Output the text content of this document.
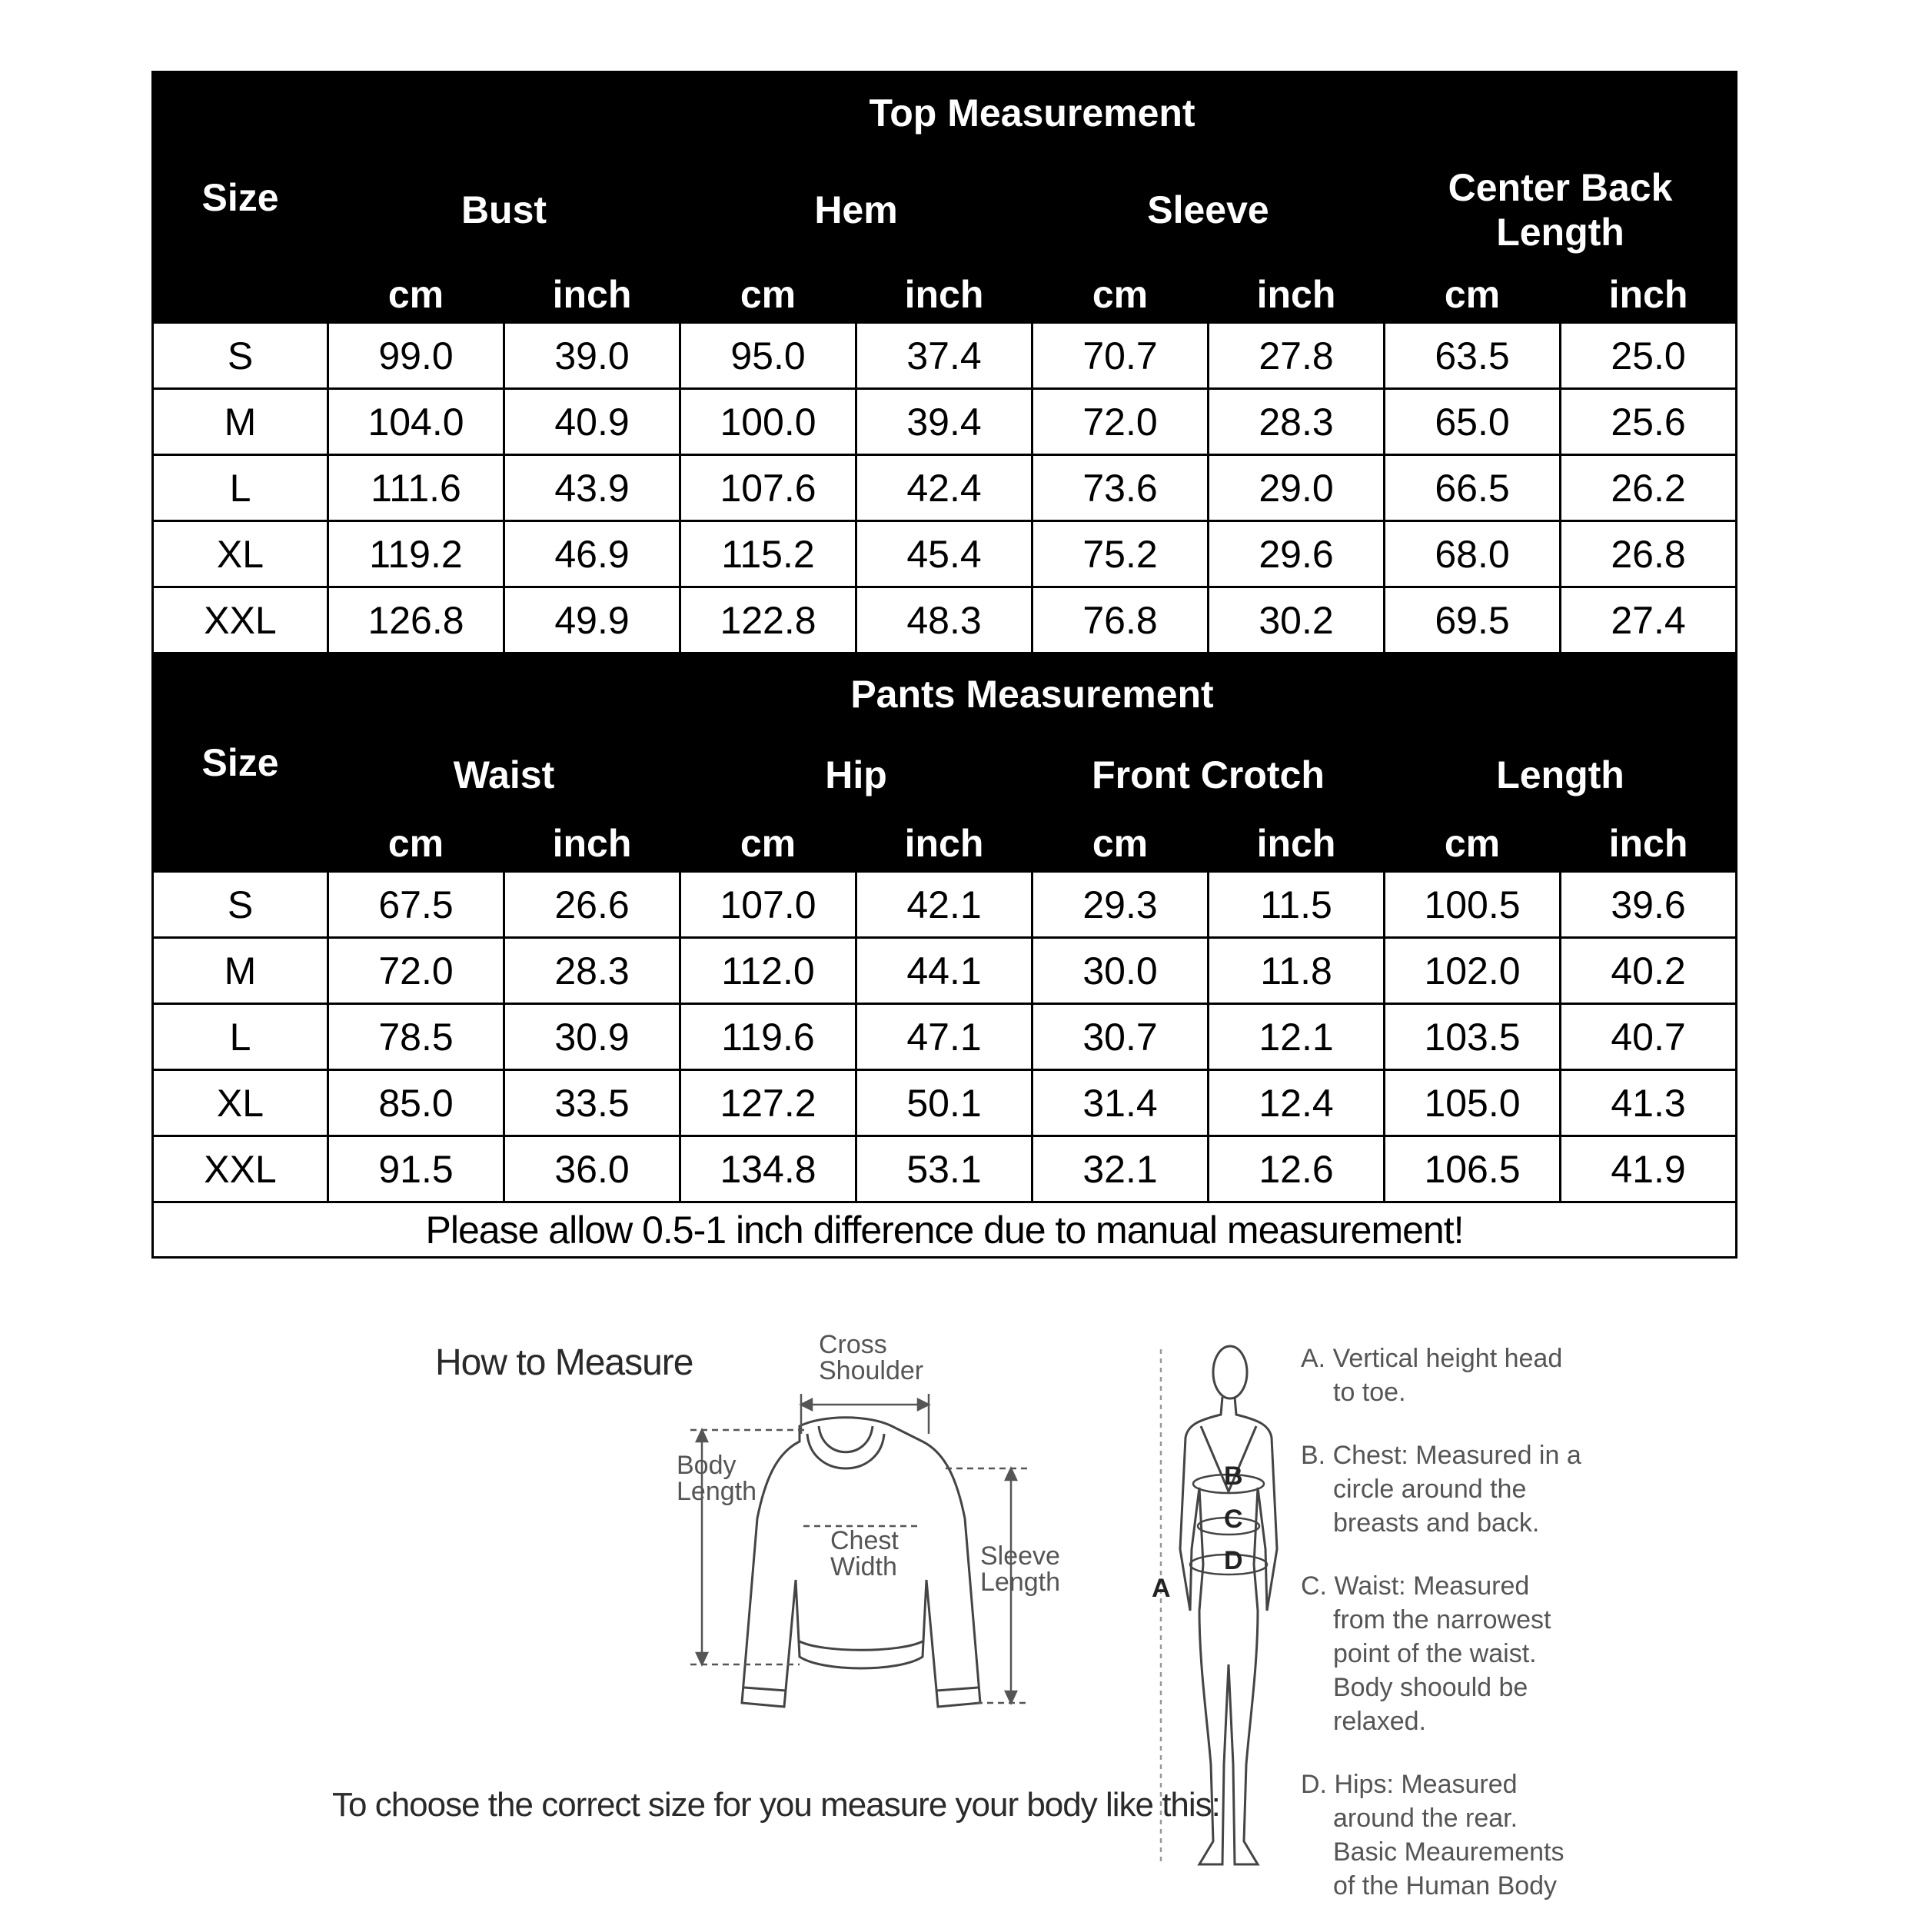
Size	Top Measurement							
	Bust		Hem		Sleeve		Center Back Length	
	cm	inch	cm	inch	cm	inch	cm	inch
S	99.0	39.0	95.0	37.4	70.7	27.8	63.5	25.0
M	104.0	40.9	100.0	39.4	72.0	28.3	65.0	25.6
L	111.6	43.9	107.6	42.4	73.6	29.0	66.5	26.2
XL	119.2	46.9	115.2	45.4	75.2	29.6	68.0	26.8
XXL	126.8	49.9	122.8	48.3	76.8	30.2	69.5	27.4
Size	Pants Measurement							
	Waist		Hip		Front Crotch		Length	
	cm	inch	cm	inch	cm	inch	cm	inch
S	67.5	26.6	107.0	42.1	29.3	11.5	100.5	39.6
M	72.0	28.3	112.0	44.1	30.0	11.8	102.0	40.2
L	78.5	30.9	119.6	47.1	30.7	12.1	103.5	40.7
XL	85.0	33.5	127.2	50.1	31.4	12.4	105.0	41.3
XXL	91.5	36.0	134.8	53.1	32.1	12.6	106.5	41.9
Please allow 0.5-1 inch difference due to manual measurement!								
How to Measure
To choose the correct size for you measure your body like this:
Cross Shoulder
Body Length
Chest Width	Sleeve Length
B
C
D
A

A. Vertical height head
to toe.

B. Chest: Measured in a
circle around the
breasts and back.

C. Waist: Measured
from the narrowest
point of the waist.
Body shoould be
relaxed.

D. Hips: Measured
around the rear.
Basic Meaurements
of the Human Body
